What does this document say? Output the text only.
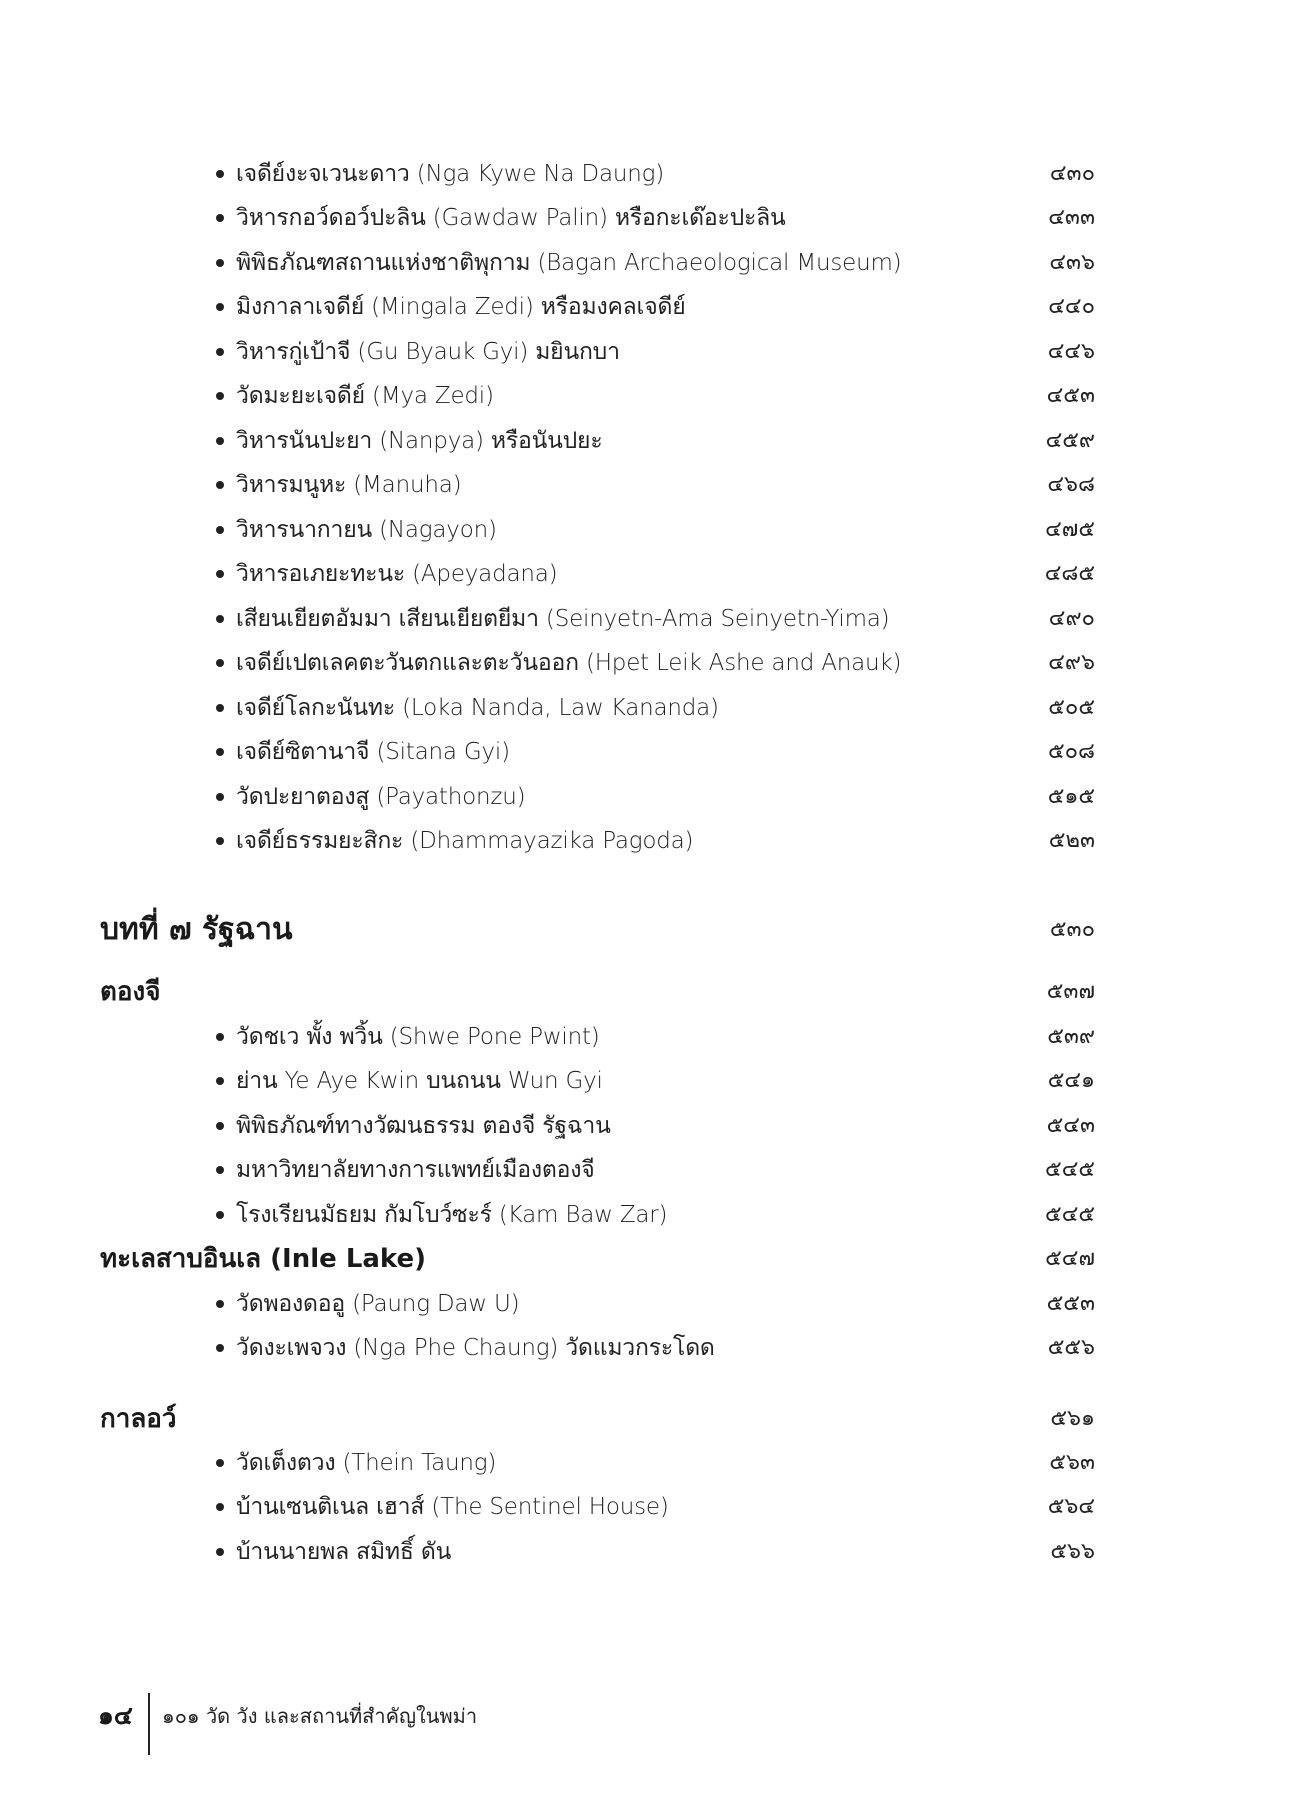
เจดีย์งะจเวนะดาว (Nga Kywe Na Daung)	๔๓๐
วิหารกอว์ดอว์ปะลิน (Gawdaw Palin) หรือกะเด๊อะปะลิน	๔๓๓
พิพิธภัณฑสถานแห่งชาติพุกาม (Bagan Archaeological Museum)	๔๓๖
มิงกาลาเจดีย์ (Mingala Zedi) หรือมงคลเจดีย์	๔๔๐
วิหารกู่เป้าจี (Gu Byauk Gyi) มยินกบา	๔๔๖
วัดมะยะเจดีย์ (Mya Zedi)	๔๕๓
วิหารนันปะยา (Nanpya) หรือนันปยะ	๔๕๙
วิหารมนูหะ (Manuha)	๔๖๘
วิหารนากายน (Nagayon)	๔๗๕
วิหารอเภยะทะนะ (Apeyadana)	๔๘๕
เสียนเยียตอัมมา เสียนเยียตยีมา (Seinyetn-Ama Seinyetn-Yima)	๔๙๐
เจดีย์เปตเลคตะวันตกและตะวันออก (Hpet Leik Ashe and Anauk)	๔๙๖
เจดีย์โลกะนันทะ (Loka Nanda, Law Kananda)	๕๐๕
เจดีย์ซิตานาจี (Sitana Gyi)	๕๐๘
วัดปะยาตองสู (Payathonzu)	๕๑๕
เจดีย์ธรรมยะสิกะ (Dhammayazika Pagoda)	๕๒๓
บทที่ ๗ รัฐฉาน	๕๓๐
ตองจี	๕๓๗
วัดชเว พั้ง พวิ้น (Shwe Pone Pwint)	๕๓๙
ย่าน Ye Aye Kwin บนถนน Wun Gyi	๕๔๑
พิพิธภัณฑ์ทางวัฒนธรรม ตองจี รัฐฉาน	๕๔๓
มหาวิทยาลัยทางการแพทย์เมืองตองจี	๕๔๕
โรงเรียนมัธยม กัมโบว์ซะร์ (Kam Baw Zar)	๕๔๕
ทะเลสาบอินเล (Inle Lake)	๕๔๗
วัดพองดออู (Paung Daw U)	๕๕๓
วัดงะเพจวง (Nga Phe Chaung) วัดแมวกระโดด	๕๕๖
กาลอว์	๕๖๑
วัดเต็งตวง (Thein Taung)	๕๖๓
บ้านเซนติเนล เฮาส์ (The Sentinel House)	๕๖๔
บ้านนายพล สมิทธิ์ ดัน	๕๖๖
๑๔ ๑๐๑ วัด วัง และสถานที่สำคัญในพม่า
